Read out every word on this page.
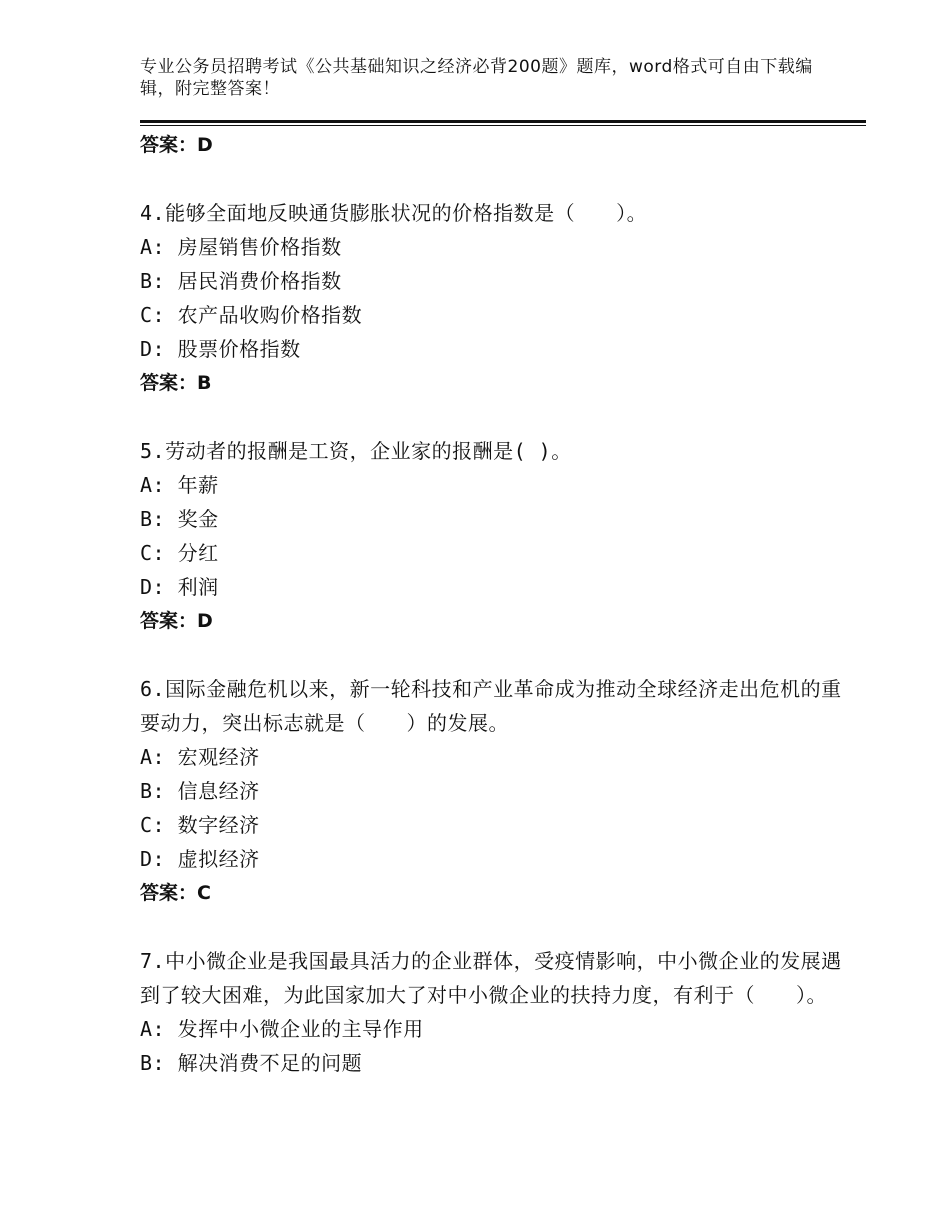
专业公务员招聘考试《公共基础知识之经济必背200题》题库，word格式可自由下载编辑，附完整答案！
答案：D
4.能够全面地反映通货膨胀状况的价格指数是（　　）。
A: 房屋销售价格指数
B: 居民消费价格指数
C: 农产品收购价格指数
D: 股票价格指数
答案：B
5.劳动者的报酬是工资，企业家的报酬是( )。
A: 年薪
B: 奖金
C: 分红
D: 利润
答案：D
6.国际金融危机以来，新一轮科技和产业革命成为推动全球经济走出危机的重要动力，突出标志就是（　　）的发展。
A: 宏观经济
B: 信息经济
C: 数字经济
D: 虚拟经济
答案：C
7.中小微企业是我国最具活力的企业群体，受疫情影响，中小微企业的发展遇到了较大困难，为此国家加大了对中小微企业的扶持力度，有利于（　　）。
A: 发挥中小微企业的主导作用
B: 解决消费不足的问题
